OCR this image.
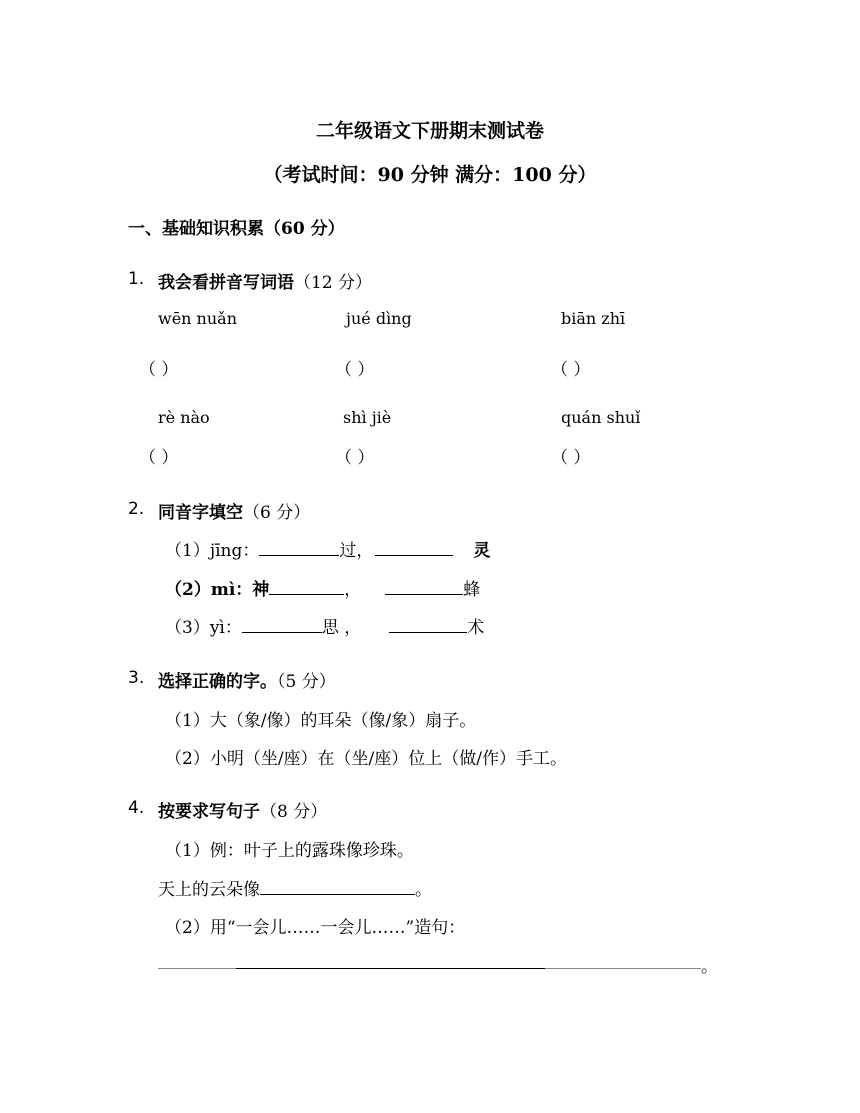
二年级语文下册期末测试卷
（考试时间：90 分钟 满分：100 分）
一、基础知识积累（60 分）
1. 我会看拼音写词语（12 分）
wēn nuǎn	jué dìng	biān zhī
（ ）	（ ）	（ ）
rè nào	shì jiè	quán shuǐ
（ ）	（ ）	（ ）
2. 同音字填空（6 分）
（1）jīng：	过，	灵
（2）mì：神	，	蜂
（3）yì：	思 ，	术
3. 选择正确的字。（5 分）
（1）大（象/像）的耳朵（像/象）扇子。
（2）小明（坐/座）在（坐/座）位上（做/作）手工。
4. 按要求写句子（8 分）
（1）例：叶子上的露珠像珍珠。
天上的云朵像	。
（2）用“一会儿……一会儿……”造句：
。
